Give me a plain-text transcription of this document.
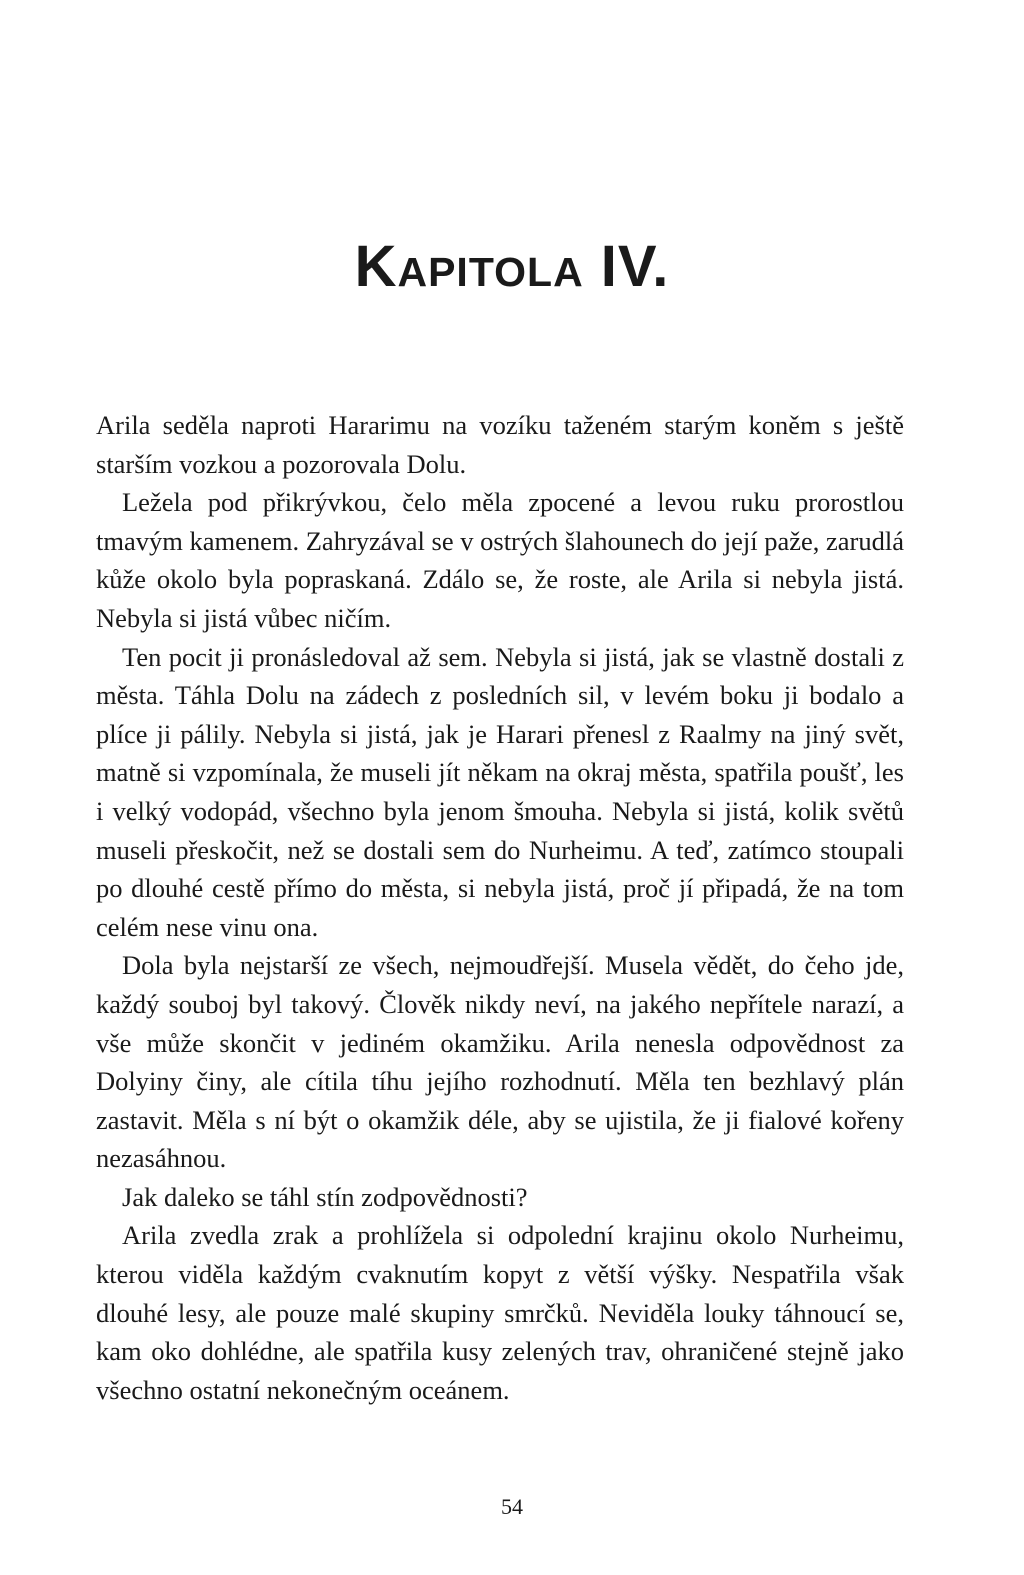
Kapitola IV.

Arila seděla naproti Hararimu na vozíku taženém starým koněm s ještě starším vozkou a pozorovala Dolu.

Ležela pod přikrývkou, čelo měla zpocené a levou ruku prorostlou tmavým kamenem. Zahryzával se v ostrých šlahounech do její paže, zarudlá kůže okolo byla popraskaná. Zdálo se, že roste, ale Arila si nebyla jistá. Nebyla si jistá vůbec ničím.

Ten pocit ji pronásledoval až sem. Nebyla si jistá, jak se vlastně dostali z města. Táhla Dolu na zádech z posledních sil, v levém boku ji bodalo a plíce ji pálily. Nebyla si jistá, jak je Harari přenesl z Raalmy na jiný svět, matně si vzpomínala, že museli jít někam na okraj města, spatřila poušť, les i velký vodopád, všechno byla jenom šmouha. Nebyla si jistá, kolik světů museli přeskočit, než se dostali sem do Nurheimu. A teď, zatímco stoupali po dlouhé cestě přímo do města, si nebyla jistá, proč jí připadá, že na tom celém nese vinu ona.

Dola byla nejstarší ze všech, nejmoudřejší. Musela vědět, do čeho jde, každý souboj byl takový. Člověk nikdy neví, na jakého nepřítele narazí, a vše může skončit v jediném okamžiku. Arila nenesla odpovědnost za Dolyiny činy, ale cítila tíhu jejího rozhodnutí. Měla ten bezhlavý plán zastavit. Měla s ní být o okamžik déle, aby se ujistila, že ji fialové kořeny nezasáhnou.

Jak daleko se táhl stín zodpovědnosti?

Arila zvedla zrak a prohlížela si odpolední krajinu okolo Nurheimu, kterou viděla každým cvaknutím kopyt z větší výšky. Nespatřila však dlouhé lesy, ale pouze malé skupiny smrčků. Neviděla louky táhnoucí se, kam oko dohlédne, ale spatřila kusy zelených trav, ohraničené stejně jako všechno ostatní nekonečným oceánem.

54
